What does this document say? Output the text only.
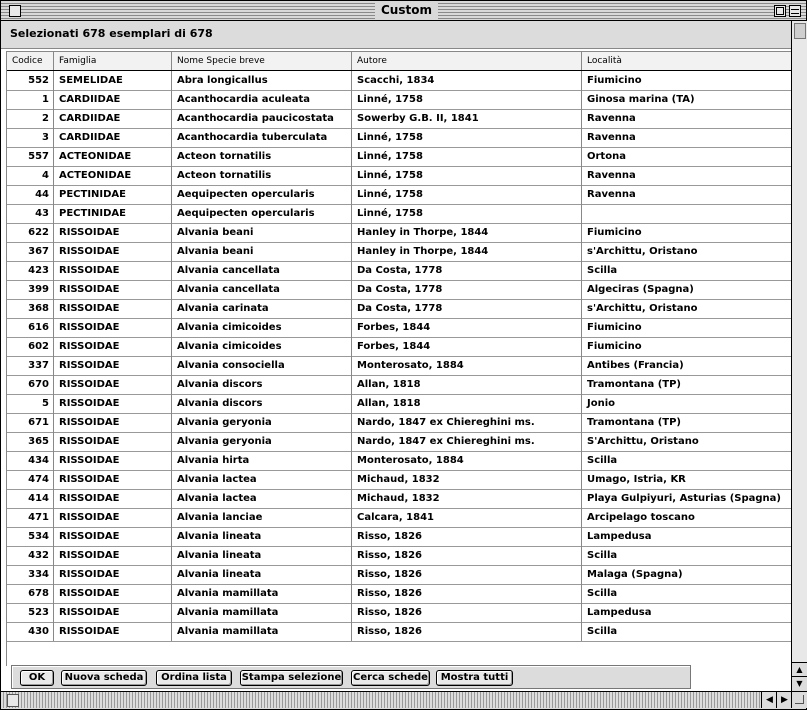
Custom
Selezionati 678 esemplari di 678
Codice	Famiglia	Nome Specie breve	Autore	Località
552	SEMELIDAE	Abra longicallus	Scacchi, 1834	Fiumicino
1	CARDIIDAE	Acanthocardia aculeata	Linné, 1758	Ginosa marina (TA)
2	CARDIIDAE	Acanthocardia paucicostata	Sowerby G.B. II, 1841	Ravenna
3	CARDIIDAE	Acanthocardia tuberculata	Linné, 1758	Ravenna
557	ACTEONIDAE	Acteon tornatilis	Linné, 1758	Ortona
4	ACTEONIDAE	Acteon tornatilis	Linné, 1758	Ravenna
44	PECTINIDAE	Aequipecten opercularis	Linné, 1758	Ravenna
43	PECTINIDAE	Aequipecten opercularis	Linné, 1758
622	RISSOIDAE	Alvania beani	Hanley in Thorpe, 1844	Fiumicino
367	RISSOIDAE	Alvania beani	Hanley in Thorpe, 1844	s'Archittu, Oristano
423	RISSOIDAE	Alvania cancellata	Da Costa, 1778	Scilla
399	RISSOIDAE	Alvania cancellata	Da Costa, 1778	Algeciras (Spagna)
368	RISSOIDAE	Alvania carinata	Da Costa, 1778	s'Archittu, Oristano
616	RISSOIDAE	Alvania cimicoides	Forbes, 1844	Fiumicino
602	RISSOIDAE	Alvania cimicoides	Forbes, 1844	Fiumicino
337	RISSOIDAE	Alvania consociella	Monterosato, 1884	Antibes (Francia)
670	RISSOIDAE	Alvania discors	Allan, 1818	Tramontana (TP)
5	RISSOIDAE	Alvania discors	Allan, 1818	Jonio
671	RISSOIDAE	Alvania geryonia	Nardo, 1847 ex Chiereghini ms.	Tramontana (TP)
365	RISSOIDAE	Alvania geryonia	Nardo, 1847 ex Chiereghini ms.	S'Archittu, Oristano
434	RISSOIDAE	Alvania hirta	Monterosato, 1884	Scilla
474	RISSOIDAE	Alvania lactea	Michaud, 1832	Umago, Istria, KR
414	RISSOIDAE	Alvania lactea	Michaud, 1832	Playa Gulpiyuri, Asturias (Spagna)
471	RISSOIDAE	Alvania lanciae	Calcara, 1841	Arcipelago toscano
534	RISSOIDAE	Alvania lineata	Risso, 1826	Lampedusa
432	RISSOIDAE	Alvania lineata	Risso, 1826	Scilla
334	RISSOIDAE	Alvania lineata	Risso, 1826	Malaga (Spagna)
678	RISSOIDAE	Alvania mamillata	Risso, 1826	Scilla
523	RISSOIDAE	Alvania mamillata	Risso, 1826	Lampedusa
430	RISSOIDAE	Alvania mamillata	Risso, 1826	Scilla
OK	Nuova scheda	Ordina lista	Stampa selezione Cerca schede	Mostra tutti
▲
▼
◀ ▶
